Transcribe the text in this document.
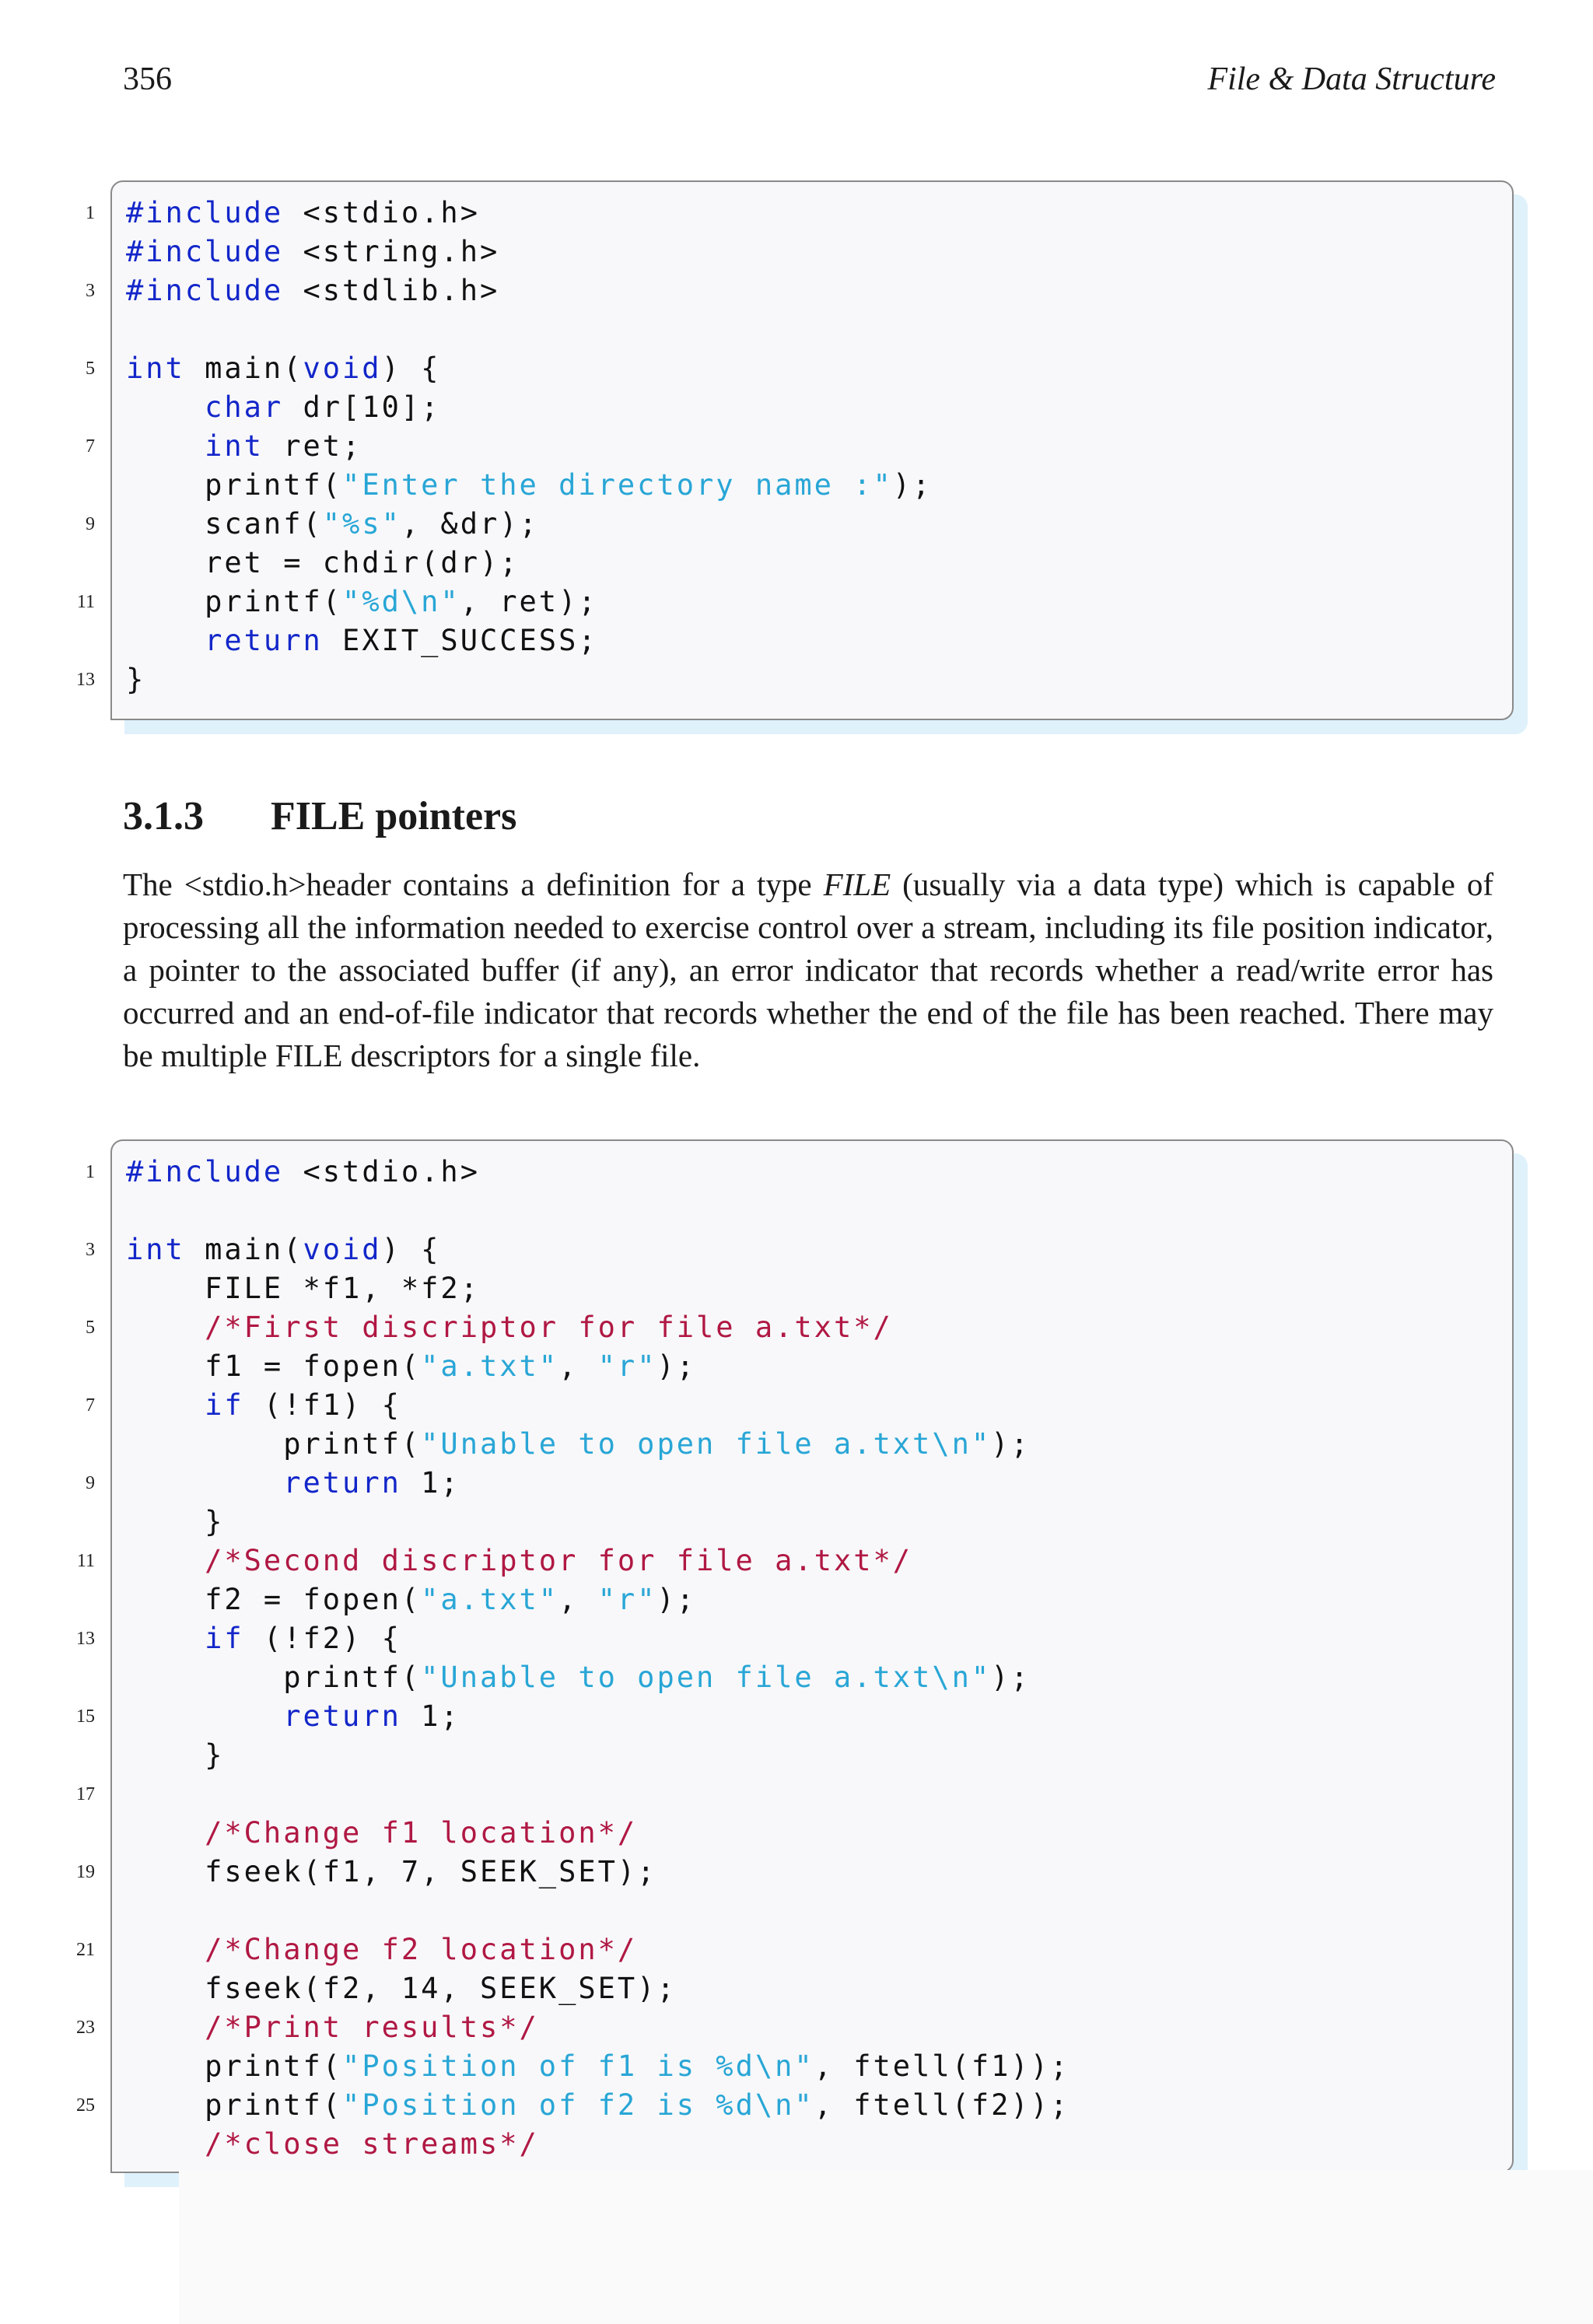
356	File & Data Structure
1 #include <stdio.h>
#include <string.h>
3 #include <stdlib.h>
5 int main(void) {
char dr[10];
7	int ret;
printf("Enter the directory name :");
9 scanf("%s", &dr);
ret = chdir(dr);
11 printf("%d\n", ret);
return EXIT_SUCCESS;
13 }
3.1.3 FILE pointers
The <stdio.h>header contains a definition for a type FILE (usually via a data type) which is capable of processing all the information needed to exercise control over a stream, including its file position indicator, a pointer to the associated buffer (if any), an error indicator that records whether a read/write error has occurred and an end-of-file indicator that records whether the end of the file has been reached. There may be multiple FILE descriptors for a single file.
1 #include <stdio.h>
3 int main(void) {
FILE *f1, *f2;
5	/*First discriptor for file a.txt*/
f1 = fopen("a.txt", "r");
7	if (!f1) {
printf("Unable to open file a.txt\n");
9	return 1;
}
11	/*Second discriptor for file a.txt*/
f2 = fopen("a.txt", "r");
13	if (!f2) {
printf("Unable to open file a.txt\n");
15	return 1;
}
17
/*Change f1 location*/
19 fseek(f1, 7, SEEK_SET);
21	/*Change f2 location*/
fseek(f2, 14, SEEK_SET);
23	/*Print results*/
printf("Position of f1 is %d\n", ftell(f1));
25 printf("Position of f2 is %d\n", ftell(f2));
/*close streams*/
